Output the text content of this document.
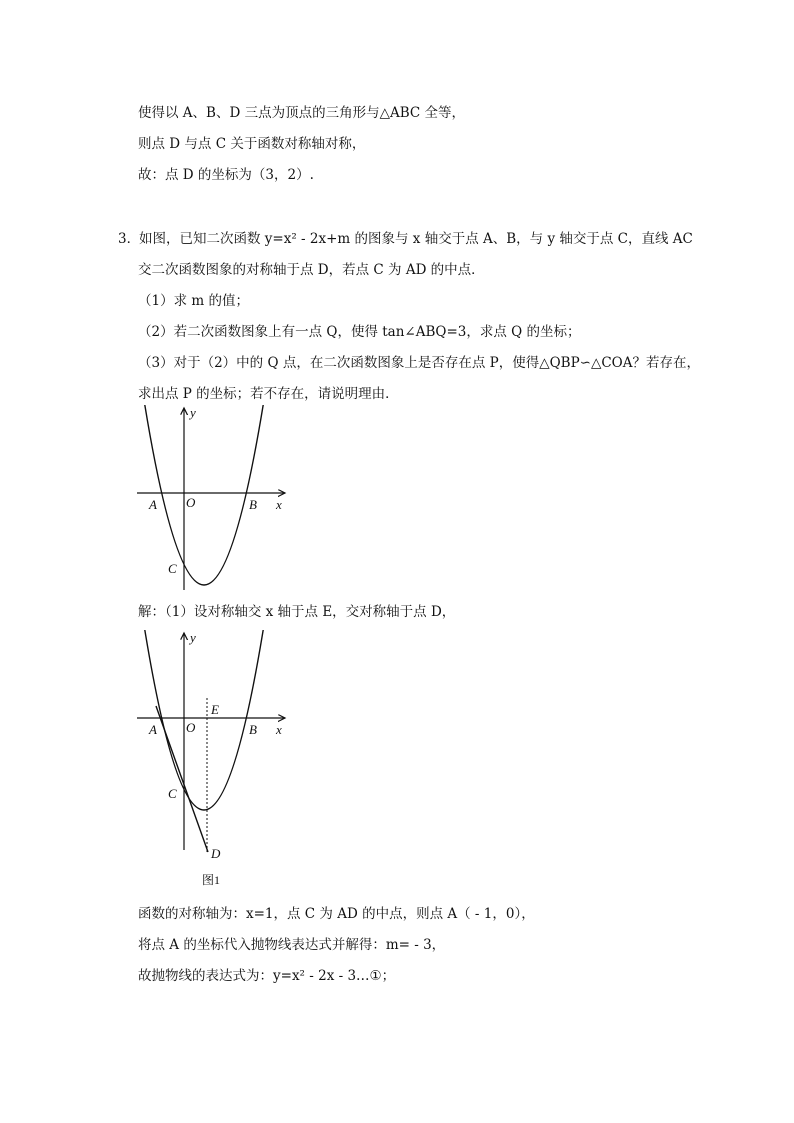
使得以 A、B、D 三点为顶点的三角形与△ABC 全等，
则点 D 与点 C 关于函数对称轴对称，
故：点 D 的坐标为（3，2）.
3．
如图，已知二次函数 y=x² - 2x+m 的图象与 x 轴交于点 A、B，与 y 轴交于点 C，直线 AC
交二次函数图象的对称轴于点 D，若点 C 为 AD 的中点．
（1）求 m 的值；
（2）若二次函数图象上有一点 Q，使得 tan∠ABQ=3，求点 Q 的坐标；
（3）对于（2）中的 Q 点，在二次函数图象上是否存在点 P，使得△QBP∽△COA？若存在，
求出点 P 的坐标；若不存在，请说明理由．
y
x
A O	B
C
解：（1）设对称轴交 x 轴于点 E，交对称轴于点 D，
y
x
A O
E
B
C
D
图1
函数的对称轴为：x=1，点 C 为 AD 的中点，则点 A（ - 1，0），
将点 A 的坐标代入抛物线表达式并解得：m= - 3，
故抛物线的表达式为：y=x² - 2x - 3…①；
